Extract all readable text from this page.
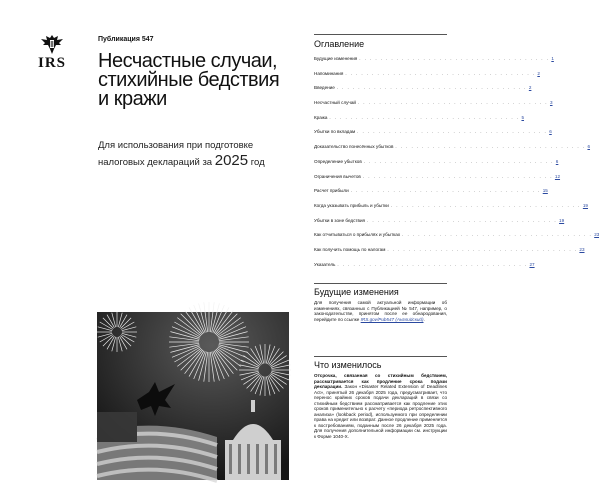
IRS
Публикация 547
Несчастные случаи, стихийные бедствия и кражи
Для использования при подготовке
налоговых деклараций за 2025 год
Оглавление
Будущие изменения . . . . . . . . . . . . . . . . . . . . . . . . . . . . . . . . . . . . 1
Напоминания . . . . . . . . . . . . . . . . . . . . . . . . . . . . . . . . . . . . 2
Введение . . . . . . . . . . . . . . . . . . . . . . . . . . . . . . . . . . . . 2
Несчастный случай . . . . . . . . . . . . . . . . . . . . . . . . . . . . . . . . . . . . 3
Кража . . . . . . . . . . . . . . . . . . . . . . . . . . . . . . . . . . . . 5
Убытки по вкладам . . . . . . . . . . . . . . . . . . . . . . . . . . . . . . . . . . . . 6
Доказательство понесённых убытков . . . . . . . . . . . . . . . . . . . . . . . . . . . . . . . . . . . . 6
Определение убытков . . . . . . . . . . . . . . . . . . . . . . . . . . . . . . . . . . . . 6
Ограничения вычетов . . . . . . . . . . . . . . . . . . . . . . . . . . . . . . . . . . . . 12
Расчет прибыли . . . . . . . . . . . . . . . . . . . . . . . . . . . . . . . . . . . . 15
Когда указывать прибыль и убытки . . . . . . . . . . . . . . . . . . . . . . . . . . . . . . . . . . . . 19
Убытки в зоне бедствия . . . . . . . . . . . . . . . . . . . . . . . . . . . . . . . . . . . . 19
Как отчитываться о прибылях и убытках . . . . . . . . . . . . . . . . . . . . . . . . . . . . . . . . . . . . 23
Как получить помощь по налогам . . . . . . . . . . . . . . . . . . . . . . . . . . . . . . . . . . . . 23
Указатель . . . . . . . . . . . . . . . . . . . . . . . . . . . . . . . . . . . . 27
Будущие изменения
Для получения самой актуальной информации об изменениях, связанных с Публикацией № 547, например, о законодательстве, принятом после ее обнародования, перейдите по ссылке IRS.gov/Pub547 (Английский).
Что изменилось
Отсрочка, связанная со стихийным бедствием, рассматривается как продление срока подачи декларации. Закон «Disaster Related Extension of Deadlines Act», принятый 26 декабря 2025 года, предусматривает, что перенос крайних сроков подачи деклараций в связи со стихийным бедствием рассматривается как продление этих сроков применительно к расчету «периода ретроспективного анализа» (lookback period), используемого при определении права на кредит или возврат. Данное продление применяется к востребованиям, поданным после 26 декабря 2025 года. Для получения дополнительной информации см. инструкции к Форме 1040-X.
